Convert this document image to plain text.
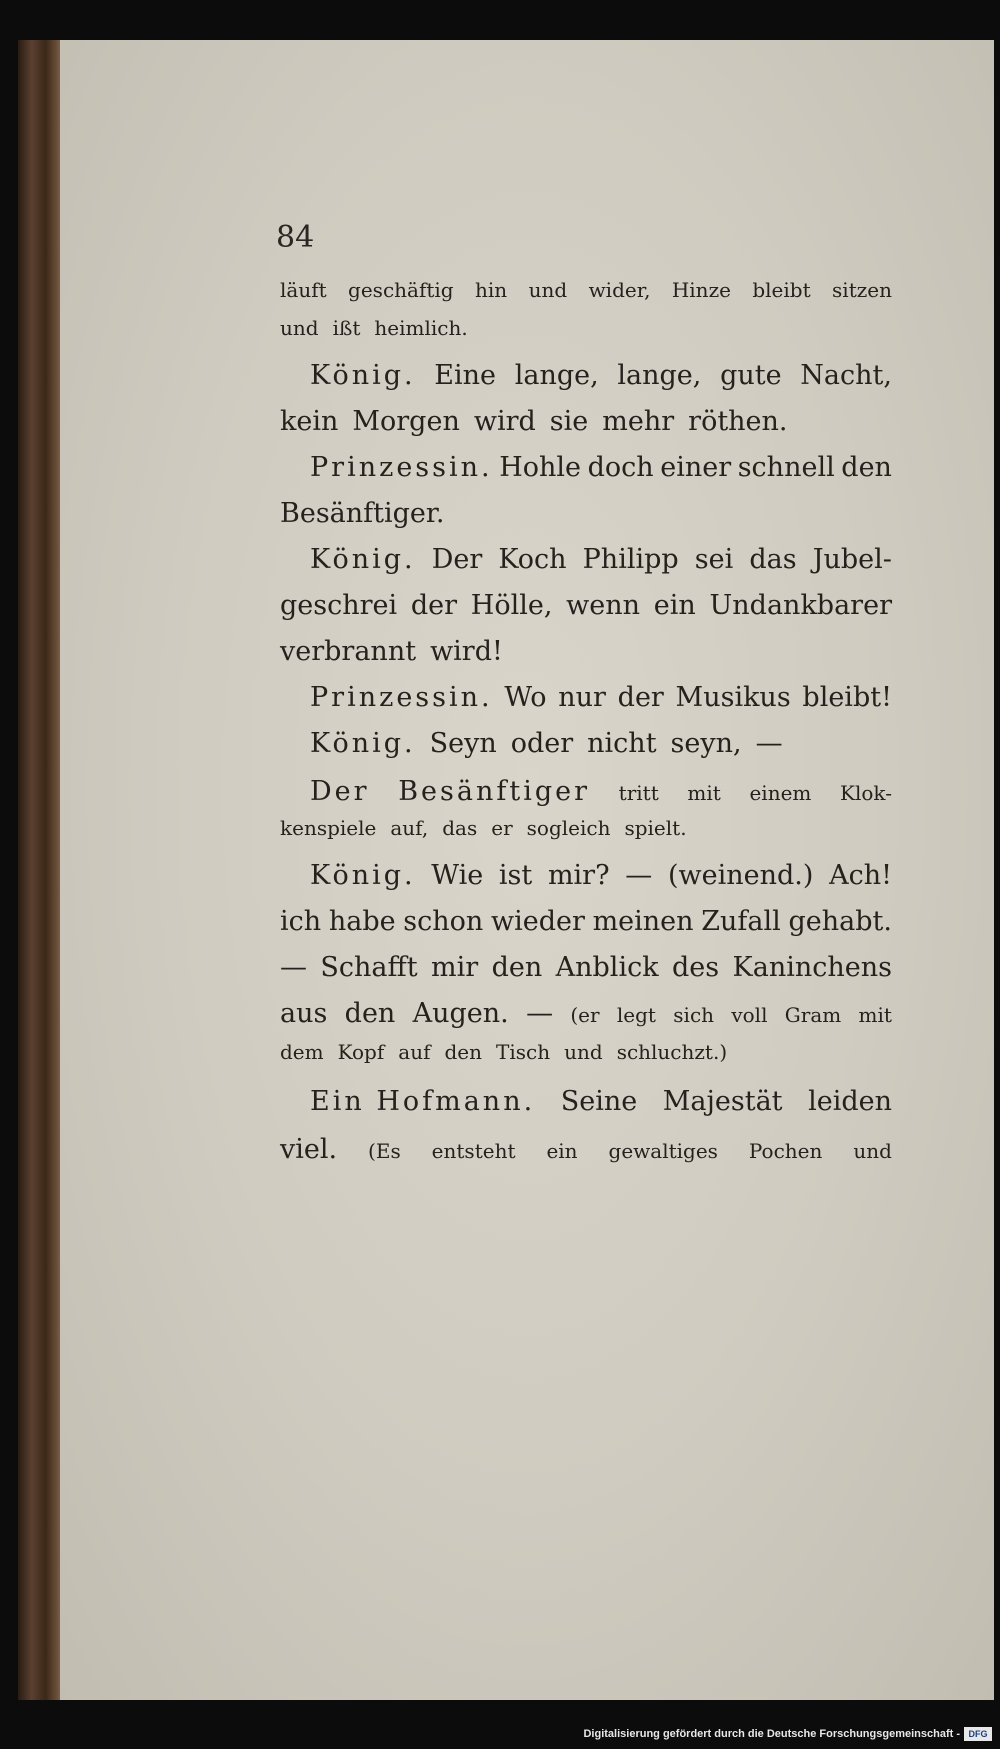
84
läuft geschäftig hin und wider, Hinze bleibt sitzen
und ißt heimlich.
König. Eine lange, lange, gute Nacht,
kein Morgen wird sie mehr röthen.
Prinzessin. Hohle doch einer schnell den
Besänftiger.
König. Der Koch Philipp sei das Jubel-
geschrei der Hölle, wenn ein Undankbarer
verbrannt wird!
Prinzessin. Wo nur der Musikus bleibt!
König. Seyn oder nicht seyn, —
Der Besänftiger tritt mit einem Klok-
kenspiele auf, das er sogleich spielt.
König. Wie ist mir? — (weinend.) Ach!
ich habe schon wieder meinen Zufall gehabt.
— Schafft mir den Anblick des Kaninchens
aus den Augen. — (er legt sich voll Gram mit
dem Kopf auf den Tisch und schluchzt.)
Ein Hofmann. Seine Majestät leiden
viel. (Es entsteht ein gewaltiges Pochen und
Digitalisierung gefördert durch die Deutsche Forschungsgemeinschaft - DFG
